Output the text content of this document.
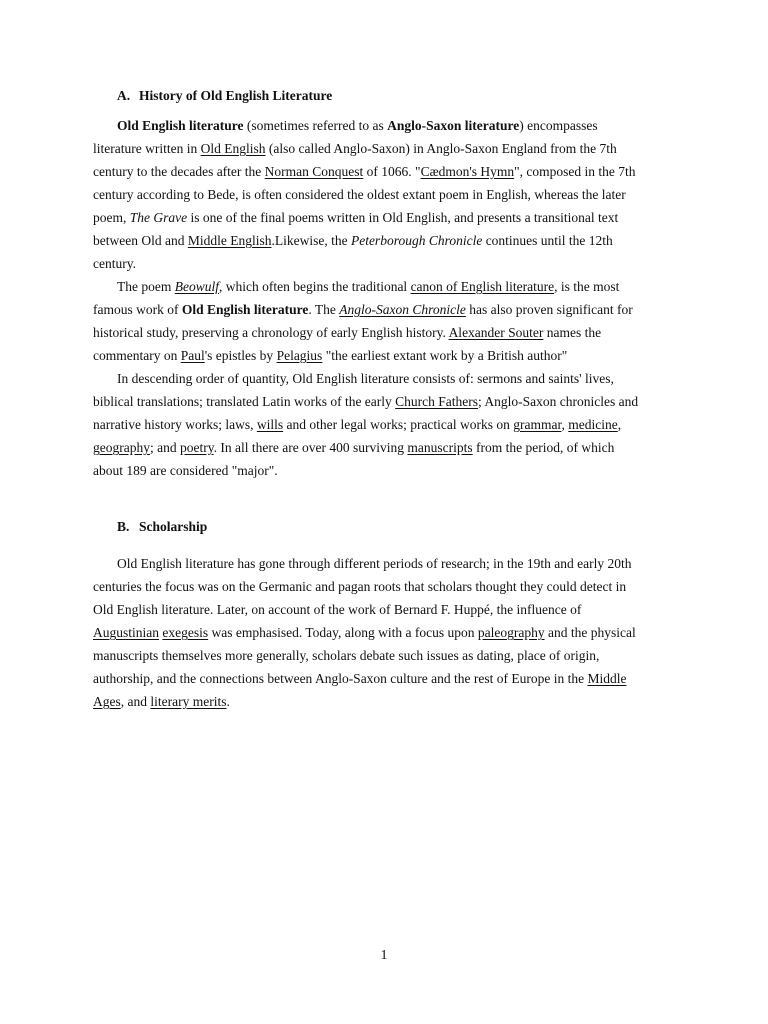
A. History of Old English Literature
Old English literature (sometimes referred to as Anglo-Saxon literature) encompasses
literature written in Old English (also called Anglo-Saxon) in Anglo-Saxon England from the 7th
century to the decades after the Norman Conquest of 1066. "Cædmon's Hymn", composed in the 7th
century according to Bede, is often considered the oldest extant poem in English, whereas the later
poem, The Grave is one of the final poems written in Old English, and presents a transitional text
between Old and Middle English.Likewise, the Peterborough Chronicle continues until the 12th
century.
The poem Beowulf, which often begins the traditional canon of English literature, is the most
famous work of Old English literature. The Anglo-Saxon Chronicle has also proven significant for
historical study, preserving a chronology of early English history. Alexander Souter names the
commentary on Paul's epistles by Pelagius "the earliest extant work by a British author"
In descending order of quantity, Old English literature consists of: sermons and saints' lives,
biblical translations; translated Latin works of the early Church Fathers; Anglo-Saxon chronicles and
narrative history works; laws, wills and other legal works; practical works on grammar, medicine,
geography; and poetry. In all there are over 400 surviving manuscripts from the period, of which
about 189 are considered "major".
B. Scholarship
Old English literature has gone through different periods of research; in the 19th and early 20th
centuries the focus was on the Germanic and pagan roots that scholars thought they could detect in
Old English literature. Later, on account of the work of Bernard F. Huppé, the influence of
Augustinian exegesis was emphasised. Today, along with a focus upon paleography and the physical
manuscripts themselves more generally, scholars debate such issues as dating, place of origin,
authorship, and the connections between Anglo-Saxon culture and the rest of Europe in the Middle
Ages, and literary merits.
1
